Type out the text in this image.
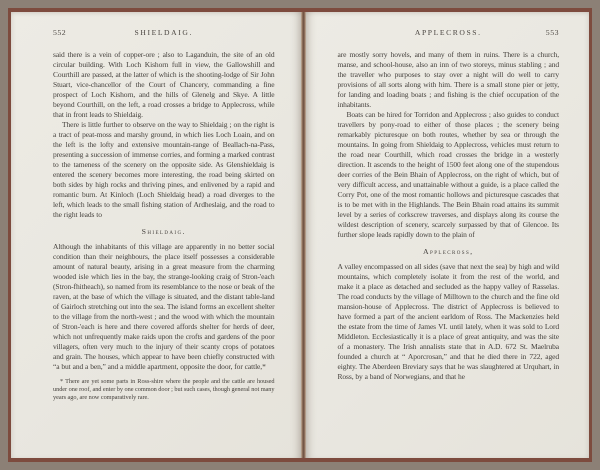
552	SHIELDAIG.

said there is a vein of copper-ore ; also to Laganduin, the site of an old circular building. With Loch Kishorn full in view, the Gallowshill and Courthill are passed, at the latter of which is the shooting-lodge of Sir John Stuart, vice-chancellor of the Court of Chancery, commanding a fine prospect of Loch Kishorn, and the hills of Glenelg and Skye. A little beyond Courthill, on the left, a road crosses a bridge to Applecross, while that in front leads to Shieldaig.

There is little further to observe on the way to Shieldaig ; on the right is a tract of peat-moss and marshy ground, in which lies Loch Loain, and on the left is the lofty and extensive mountain-range of Beallach-na-Pass, presenting a succession of immense corries, and forming a marked contrast to the tameness of the scenery on the opposite side. As Glenshieldaig is entered the scenery becomes more interesting, the road being skirted on both sides by high rocks and thriving pines, and enlivened by a rapid and romantic burn. At Kinloch (Loch Shieldaig head) a road diverges to the left, which leads to the small fishing station of Ardheslaig, and the road to the right leads to

Shieldaig.

Although the inhabitants of this village are apparently in no better social condition than their neighbours, the place itself possesses a considerable amount of natural beauty, arising in a great measure from the charming wooded isle which lies in the bay, the strange-looking craig of Stron-'each (Stron-fhitheach), so named from its resemblance to the nose or beak of the raven, at the base of which the village is situated, and the distant table-land of Gairloch stretching out into the sea. The island forms an excellent shelter to the village from the north-west ; and the wood with which the mountain of Stron-'each is here and there covered affords shelter for herds of deer, which not unfrequently make raids upon the crofts and gardens of the poor villagers, often very much to the injury of their scanty crops of potatoes and grain. The houses, which appear to have been chiefly constructed with “a but and a ben,” and a middle apartment, opposite the door, for cattle,*

* There are yet some parts in Ross-shire where the people and the cattle are housed under one roof, and enter by one common door ; but such cases, though general not many years ago, are now comparatively rare.

APPLECROSS.	553

are mostly sorry hovels, and many of them in ruins. There is a church, manse, and school-house, also an inn of two storeys, minus stabling ; and the traveller who purposes to stay over a night will do well to carry provisions of all sorts along with him. There is a small stone pier or jetty, for landing and loading boats ; and fishing is the chief occupation of the inhabitants.

Boats can be hired for Torridon and Applecross ; also guides to conduct travellers by pony-road to either of those places ; the scenery being remarkably picturesque on both routes, whether by sea or through the mountains. In going from Shieldaig to Applecross, vehicles must return to the road near Courthill, which road crosses the bridge in a westerly direction. It ascends to the height of 1500 feet along one of the stupendous deer corries of the Bein Bhain of Applecross, on the right of which, but of very difficult access, and unattainable without a guide, is a place called the Corry Pot, one of the most romantic hollows and picturesque cascades that is to be met with in the Highlands. The Bein Bhain road attains its summit level by a series of corkscrew traverses, and displays along its course the wildest description of scenery, scarcely surpassed by that of Glencoe. Its further slope leads rapidly down to the plain of

Applecross,

A valley encompassed on all sides (save that next the sea) by high and wild mountains, which completely isolate it from the rest of the world, and make it a place as detached and secluded as the happy valley of Rasselas. The road conducts by the village of Milltown to the church and the fine old mansion-house of Applecross. The district of Applecross is believed to have formed a part of the ancient earldom of Ross. The Mackenzies held the estate from the time of James VI. until lately, when it was sold to Lord Middleton. Ecclesiastically it is a place of great antiquity, and was the site of a monastery. The Irish annalists state that in A.D. 672 St. Maelruba founded a church at “ Aporcrosan,” and that he died there in 722, aged eighty. The Aberdeen Breviary says that he was slaughtered at Urquhart, in Ross, by a band of Norwegians, and that he
